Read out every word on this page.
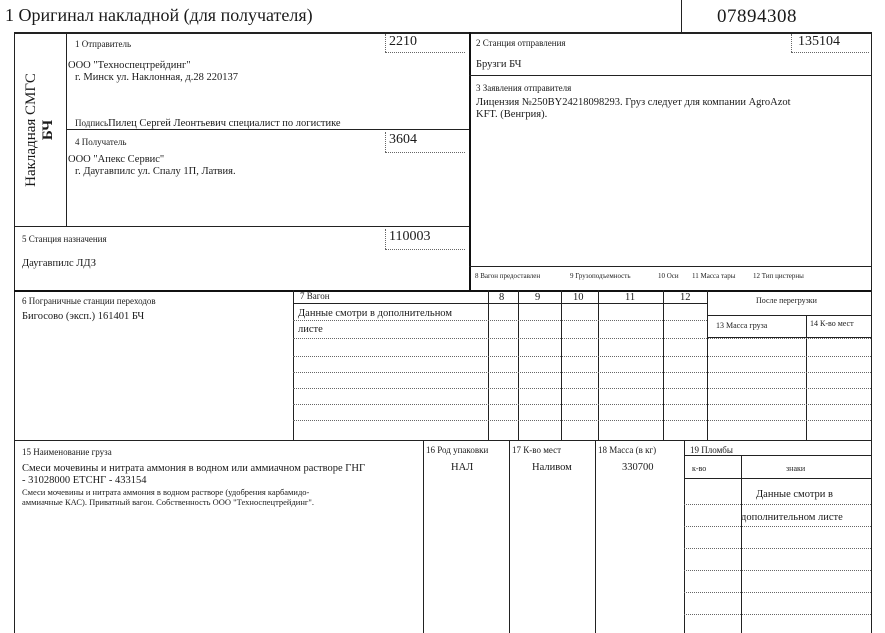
1 Оригинал накладной (для получателя)	07894308
Накладная СМГС БЧ
1 Отправитель	2210
ООО "Техноспецтрейдинг"
г. Минск ул. Наклонная, д.28 220137
ПодписьПилец Сергей Леонтьевич специалист по логистике
4 Получатель	3604
ООО "Апекс Сервис"
г. Даугавпилс ул. Спалу 1П, Латвия.
2 Станция отправления	135104
Брузги БЧ
3 Заявления отправителя
Лицензия №250BY24218098293. Груз следует для компании AgroAzot
KFT. (Венгрия).
5 Станция назначения	110003
Даугавпилс ЛДЗ
8 Вагон предоставлен	9 Грузоподъемность	10 Оси 11 Масса тары	12 Тип цистерны
6 Пограничные станции переходов
Бигосово (эксп.) 161401 БЧ
7 Вагон
Данные смотри в дополнительном
листе
8	9	10	11	12	После перегрузки
13 Масса груза	14 К-во мест
15 Наименование груза
Смеси мочевины и нитрата аммония в водном или аммиачном растворе ГНГ
- 31028000 ЕТСНГ - 433154
Смеси мочевины и нитрата аммония в водном растворе (удобрения карбамидо-
аммиачные КАС). Приватный вагон. Собственность ООО "Техноспецтрейдинг".
16 Род упаковки
НАЛ
17 К-во мест
Наливом
18 Масса (в кг)
330700
19 Пломбы
к-во	знаки
Данные смотри в
дополнительном листе
